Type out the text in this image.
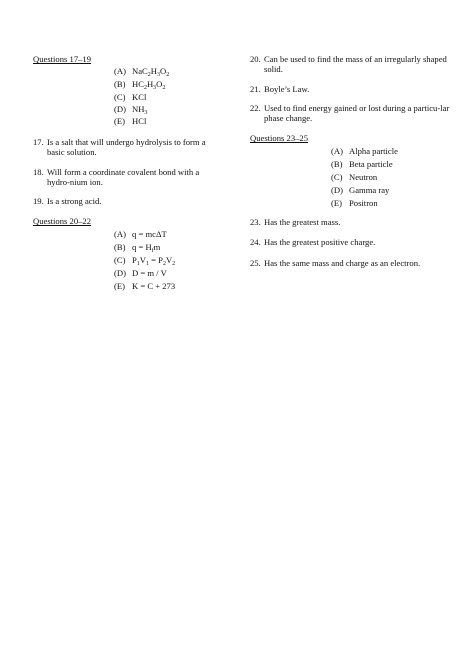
Questions 17–19
(A) $NaC_2H_3O_2$
(B) $HC_2H_3O_2$
(C) KCl
(D) $NH_3$
(E) HCl
17. Is a salt that will undergo hydrolysis to form a basic solution.
18. Will form a coordinate covalent bond with a hydro-nium ion.
19. Is a strong acid.
Questions 20–22
(A) q = mcΔT
(B) $q = H_fm$
(C) $P_1V_1 = P_2V_2$
(D) D = m / V
(E) K = C + 273
20. Can be used to find the mass of an irregularly shaped solid.
21. Boyle’s Law.
22. Used to find energy gained or lost during a particu-lar phase change.
Questions 23–25
(A) Alpha particle
(B) Beta particle
(C) Neutron
(D) Gamma ray
(E) Positron
23. Has the greatest mass.
24. Has the greatest positive charge.
25. Has the same mass and charge as an electron.
